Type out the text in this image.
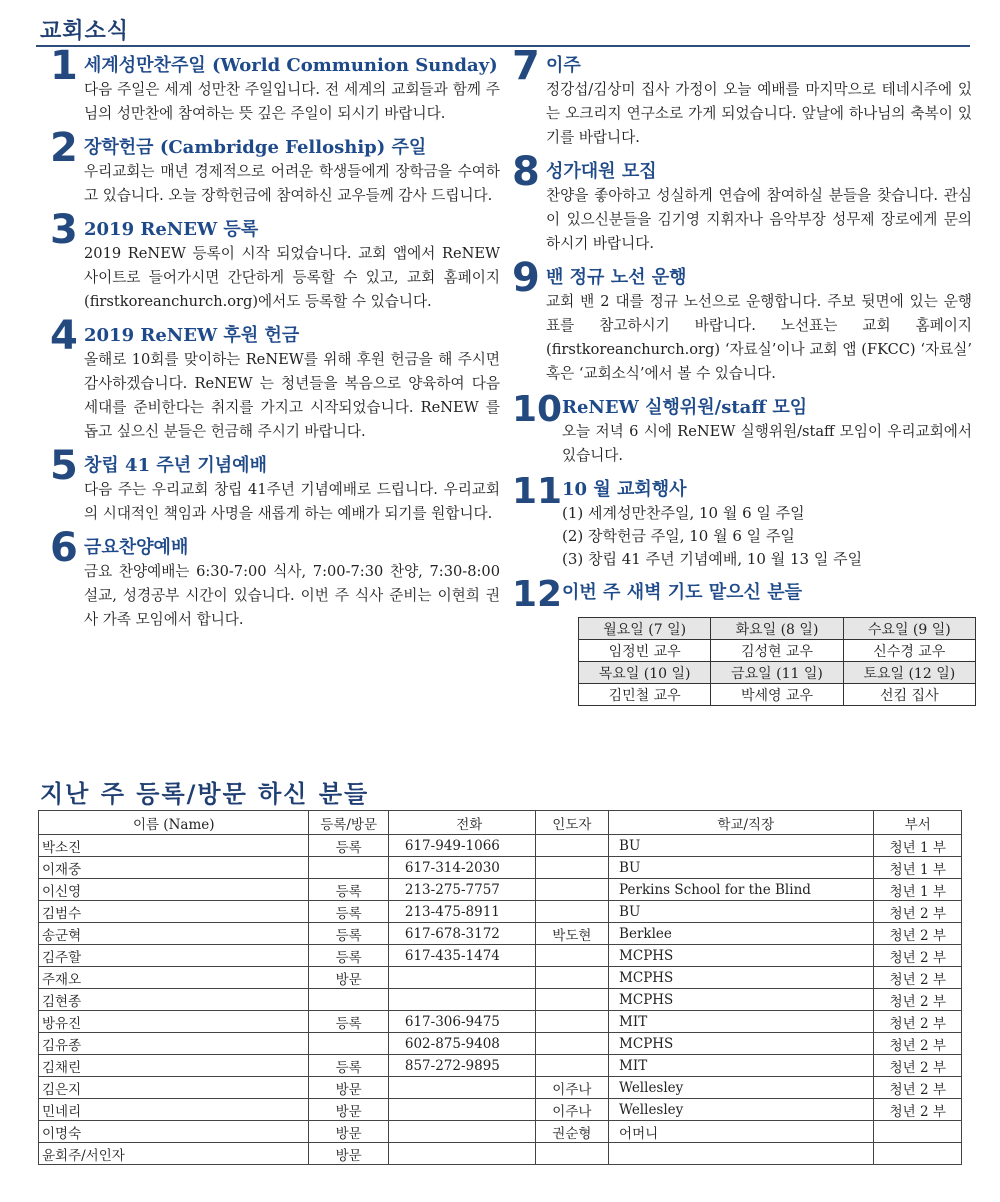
교회소식
1 세계성만찬주일 (World Communion Sunday)
다음 주일은 세계 성만찬 주일입니다. 전 세계의 교회들과 함께 주님의 성만찬에 참여하는 뜻 깊은 주일이 되시기 바랍니다.
2 장학헌금 (Cambridge Felloship) 주일
우리교회는 매년 경제적으로 어려운 학생들에게 장학금을 수여하고 있습니다. 오늘 장학헌금에 참여하신 교우들께 감사 드립니다.
3 2019 ReNEW 등록
2019 ReNEW 등록이 시작 되었습니다. 교회 앱에서 ReNEW 사이트로 들어가시면 간단하게 등록할 수 있고, 교회 홈페이지 (firstkoreanchurch.org)에서도 등록할 수 있습니다.
4 2019 ReNEW 후원 헌금
올해로 10회를 맞이하는 ReNEW를 위해 후원 헌금을 해 주시면 감사하겠습니다. ReNEW 는 청년들을 복음으로 양육하여 다음 세대를 준비한다는 취지를 가지고 시작되었습니다. ReNEW 를 돕고 싶으신 분들은 헌금해 주시기 바랍니다.
5 창립 41 주년 기념예배
다음 주는 우리교회 창립 41주년 기념예배로 드립니다. 우리교회의 시대적인 책임과 사명을 새롭게 하는 예배가 되기를 원합니다.
6 금요찬양예배
금요 찬양예배는 6:30-7:00 식사, 7:00-7:30 찬양, 7:30-8:00 설교, 성경공부 시간이 있습니다. 이번 주 식사 준비는 이현희 권사 가족 모임에서 합니다.
7 이주
정강섭/김상미 집사 가정이 오늘 예배를 마지막으로 테네시주에 있는 오크리지 연구소로 가게 되었습니다. 앞날에 하나님의 축복이 있기를 바랍니다.
8 성가대원 모집
찬양을 좋아하고 성실하게 연습에 참여하실 분들을 찾습니다. 관심이 있으신분들을 김기영 지휘자나 음악부장 성무제 장로에게 문의하시기 바랍니다.
9 밴 정규 노선 운행
교회 밴 2 대를 정규 노선으로 운행합니다. 주보 뒷면에 있는 운행표를 참고하시기 바랍니다. 노선표는 교회 홈페이지(firstkoreanchurch.org) ‘자료실’이나 교회 앱 (FKCC) ‘자료실’ 혹은 ‘교회소식’에서 볼 수 있습니다.
10 ReNEW 실행위원/staff 모임
오늘 저녁 6 시에 ReNEW 실행위원/staff 모임이 우리교회에서 있습니다.
11 10 월 교회행사
(1) 세계성만찬주일, 10 월 6 일 주일
(2) 장학헌금 주일, 10 월 6 일 주일
(3) 창립 41 주년 기념예배, 10 월 13 일 주일
12 이번 주 새벽 기도 맡으신 분들
월요일 (7 일)	화요일 (8 일)	수요일 (9 일)
임정빈 교우	김성현 교우	신수경 교우
목요일 (10 일)	금요일 (11 일)	토요일 (12 일)
김민철 교우	박세영 교우	선킴 집사
지난 주 등록/방문 하신 분들
이름 (Name)	등록/방문	전화	인도자	학교/직장	부서
박소진	등록	617-949-1066		BU	청년 1 부
이재중		617-314-2030		BU	청년 1 부
이신영	등록	213-275-7757		Perkins School for the Blind	청년 1 부
김범수	등록	213-475-8911		BU	청년 2 부
송군혁	등록	617-678-3172	박도현	Berklee	청년 2 부
김주할	등록	617-435-1474		MCPHS	청년 2 부
주재오	방문			MCPHS	청년 2 부
김현종				MCPHS	청년 2 부
방유진	등록	617-306-9475		MIT	청년 2 부
김유종		602-875-9408		MCPHS	청년 2 부
김채린	등록	857-272-9895		MIT	청년 2 부
김은지	방문		이주나	Wellesley	청년 2 부
민네리	방문		이주나	Wellesley	청년 2 부
이명숙	방문		권순형	어머니	
윤회주/서인자	방문				
